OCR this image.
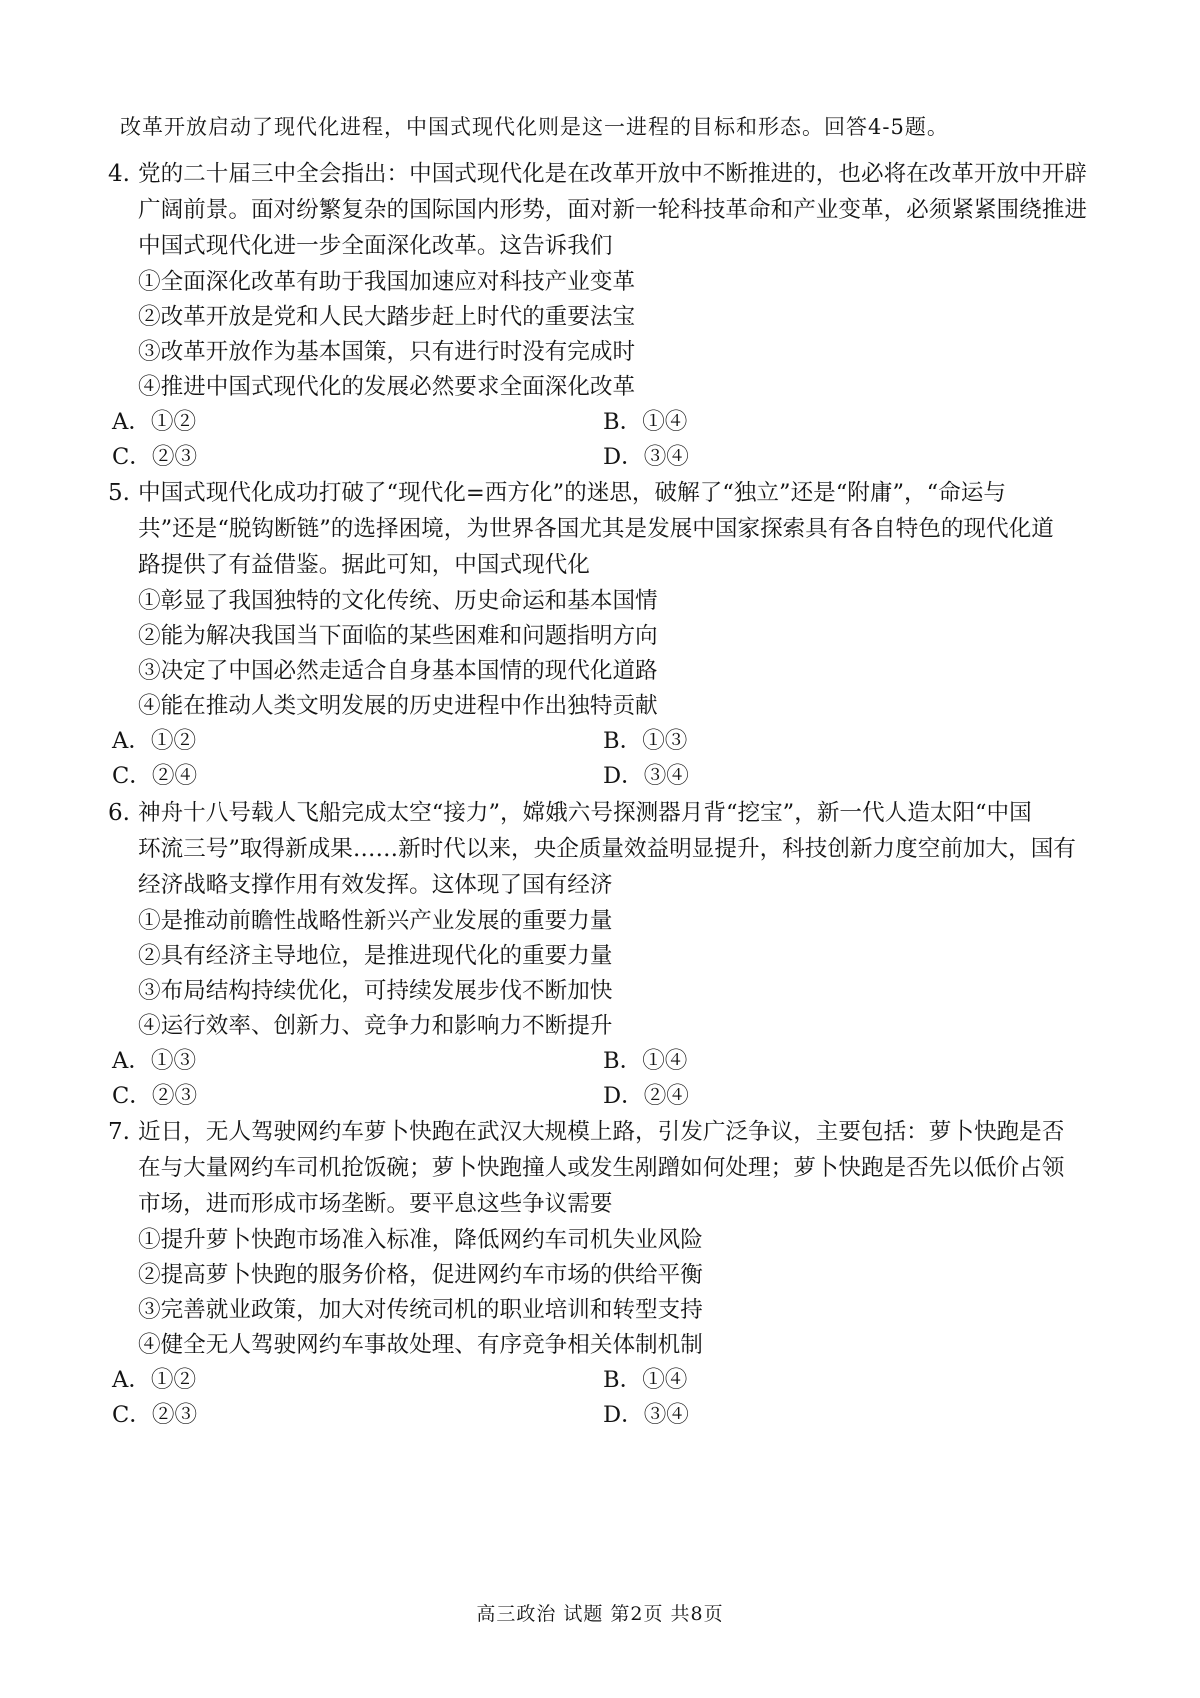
改革开放启动了现代化进程，中国式现代化则是这一进程的目标和形态。回答4-5题。
4. 党的二十届三中全会指出：中国式现代化是在改革开放中不断推进的，也必将在改革开放中开辟
广阔前景。面对纷繁复杂的国际国内形势，面对新一轮科技革命和产业变革，必须紧紧围绕推进
中国式现代化进一步全面深化改革。这告诉我们
①全面深化改革有助于我国加速应对科技产业变革
②改革开放是党和人民大踏步赶上时代的重要法宝
③改革开放作为基本国策，只有进行时没有完成时
④推进中国式现代化的发展必然要求全面深化改革
A．①②	B．①④
C．②③	D．③④
5. 中国式现代化成功打破了“现代化=西方化”的迷思，破解了“独立”还是“附庸”，“命运与
共”还是“脱钩断链”的选择困境，为世界各国尤其是发展中国家探索具有各自特色的现代化道
路提供了有益借鉴。据此可知，中国式现代化
①彰显了我国独特的文化传统、历史命运和基本国情
②能为解决我国当下面临的某些困难和问题指明方向
③决定了中国必然走适合自身基本国情的现代化道路
④能在推动人类文明发展的历史进程中作出独特贡献
A．①②	B．①③
C．②④	D．③④
6. 神舟十八号载人飞船完成太空“接力”，嫦娥六号探测器月背“挖宝”，新一代人造太阳“中国
环流三号”取得新成果……新时代以来，央企质量效益明显提升，科技创新力度空前加大，国有
经济战略支撑作用有效发挥。这体现了国有经济
①是推动前瞻性战略性新兴产业发展的重要力量
②具有经济主导地位，是推进现代化的重要力量
③布局结构持续优化，可持续发展步伐不断加快
④运行效率、创新力、竞争力和影响力不断提升
A．①③	B．①④
C．②③	D．②④
7. 近日，无人驾驶网约车萝卜快跑在武汉大规模上路，引发广泛争议，主要包括：萝卜快跑是否
在与大量网约车司机抢饭碗；萝卜快跑撞人或发生剐蹭如何处理；萝卜快跑是否先以低价占领
市场，进而形成市场垄断。要平息这些争议需要
①提升萝卜快跑市场准入标准，降低网约车司机失业风险
②提高萝卜快跑的服务价格，促进网约车市场的供给平衡
③完善就业政策，加大对传统司机的职业培训和转型支持
④健全无人驾驶网约车事故处理、有序竞争相关体制机制
A．①②	B．①④
C．②③	D．③④
高三政治 试题 第2页 共8页
